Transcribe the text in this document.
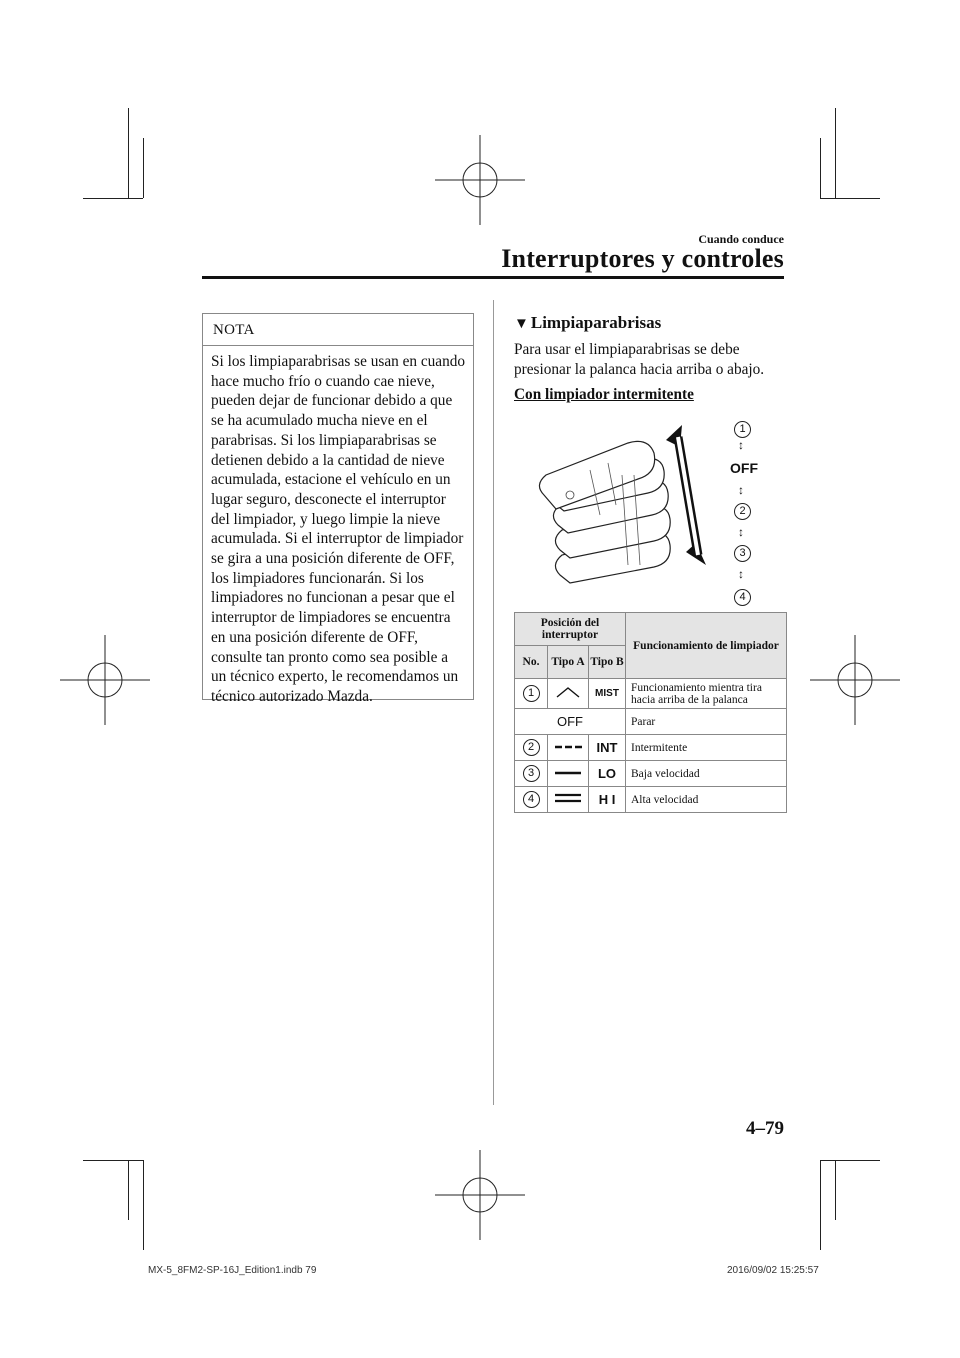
Cuando conduce
Interruptores y controles
NOTA
Si los limpiaparabrisas se usan en cuando hace mucho frío o cuando cae nieve, pueden dejar de funcionar debido a que se ha acumulado mucha nieve en el parabrisas. Si los limpiaparabrisas se detienen debido a la cantidad de nieve acumulada, estacione el vehículo en un lugar seguro, desconecte el interruptor del limpiador, y luego limpie la nieve acumulada. Si el interruptor de limpiador se gira a una posición diferente de OFF, los limpiadores funcionarán. Si los limpiadores no funcionan a pesar que el interruptor de limpiadores se encuentra en una posición diferente de OFF, consulte tan pronto como sea posible a un técnico experto, le recomendamos un técnico autorizado Mazda.
▼ Limpiaparabrisas
Para usar el limpiaparabrisas se debe presionar la palanca hacia arriba o abajo.
Con limpiador intermitente
1
↕
OFF
↕
2
↕
3
↕
4
Posición del interruptor			Funcionamiento de limpiador
No.	Tipo A	Tipo B	
1		MIST	Funcionamiento mientra tira hacia arriba de la palanca
OFF			Parar
2		INT	Intermitente
3		LO	Baja velocidad
4		H I	Alta velocidad
4–79
MX-5_8FM2-SP-16J_Edition1.indb 79	2016/09/02 15:25:57
